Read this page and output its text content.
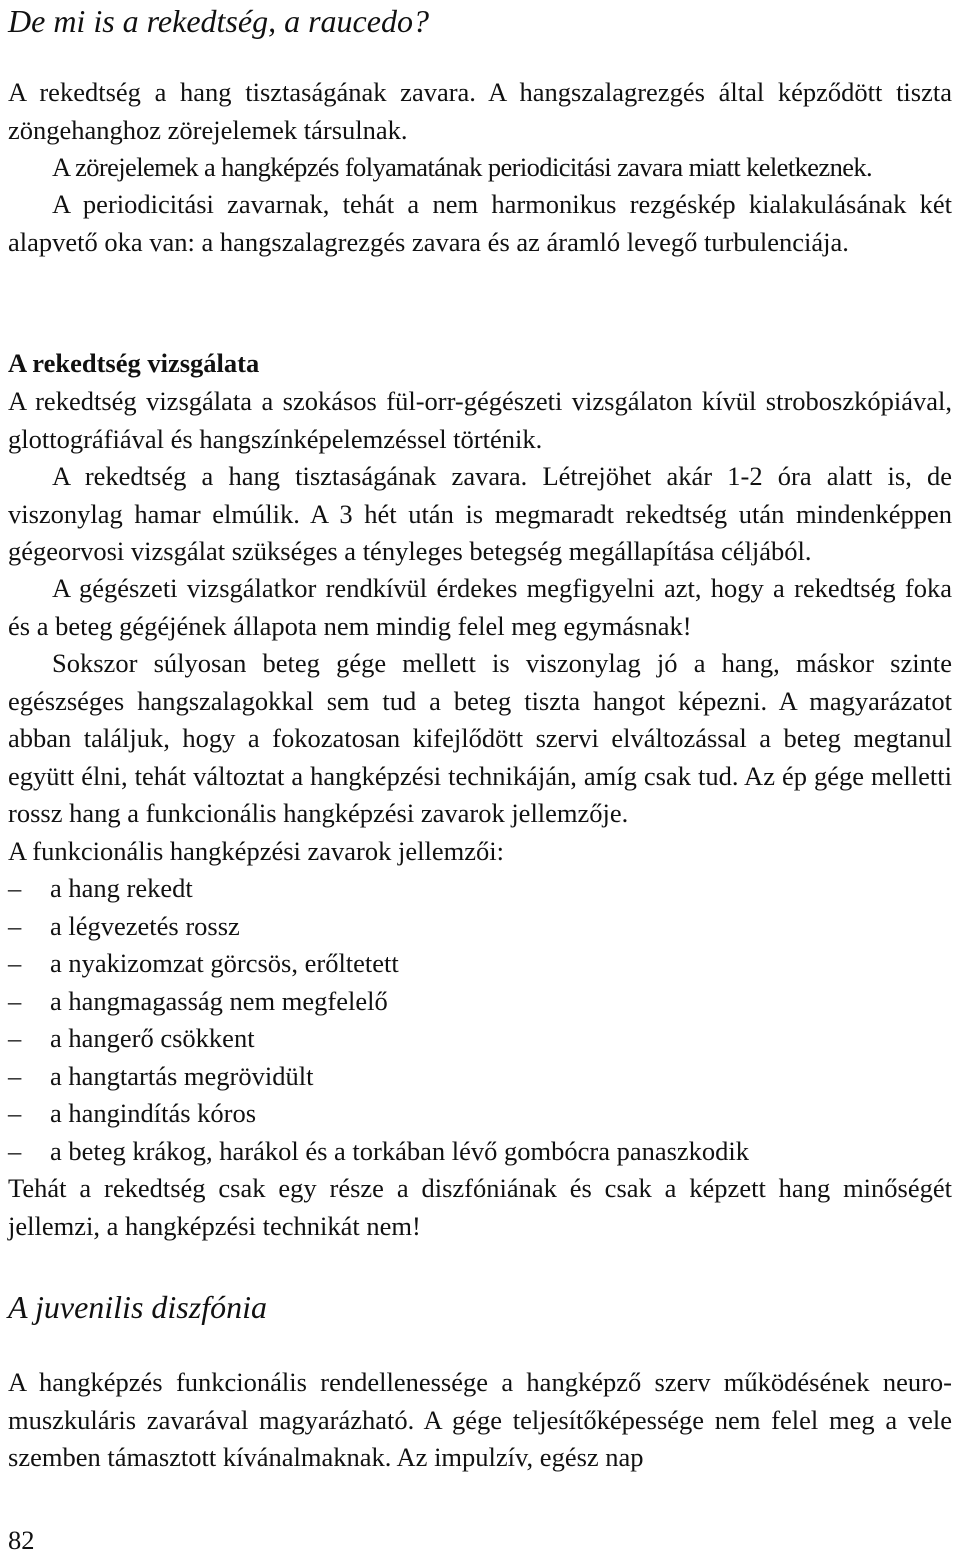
De mi is a rekedtség, a raucedo?

A rekedtség a hang tisztaságának zavara. A hangszalagrezgés által képződött tiszta zöngehanghoz zörejelemek társulnak.

A zörejelemek a hangképzés folyamatának periodicitási zavara miatt keletkeznek.

A periodicitási zavarnak, tehát a nem harmonikus rezgéskép kialakulásának két alapvető oka van: a hangszalagrezgés zavara és az áramló levegő turbulenciája.

A rekedtség vizsgálata

A rekedtség vizsgálata a szokásos fül-orr-gégészeti vizsgálaton kívül stroboszkópiával, glottográfiával és hangszínképelemzéssel történik.

A rekedtség a hang tisztaságának zavara. Létrejöhet akár 1-2 óra alatt is, de viszonylag hamar elmúlik. A 3 hét után is megmaradt rekedtség után mindenképpen gégeorvosi vizsgálat szükséges a tényleges betegség megállapítása céljából.

A gégészeti vizsgálatkor rendkívül érdekes megfigyelni azt, hogy a rekedtség foka és a beteg gégéjének állapota nem mindig felel meg egymásnak!

Sokszor súlyosan beteg gége mellett is viszonylag jó a hang, máskor szinte egészséges hangszalagokkal sem tud a beteg tiszta hangot képezni. A magyarázatot abban találjuk, hogy a fokozatosan kifejlődött szervi elváltozással a beteg megtanul együtt élni, tehát változtat a hangképzési technikáján, amíg csak tud. Az ép gége melletti rossz hang a funkcionális hangképzési zavarok jellemzője.

A funkcionális hangképzési zavarok jellemzői:

– a hang rekedt
– a légvezetés rossz
– a nyakizomzat görcsös, erőltetett
– a hangmagasság nem megfelelő
– a hangerő csökkent
– a hangtartás megrövidült
– a hangindítás kóros
– a beteg krákog, harákol és a torkában lévő gombócra panaszkodik

Tehát a rekedtség csak egy része a diszfóniának és csak a képzett hang minőségét jellemzi, a hangképzési technikát nem!

A juvenilis diszfónia

A hangképzés funkcionális rendellenessége a hangképző szerv működésének neuro-muszkuláris zavarával magyarázható. A gége teljesítőképessége nem felel meg a vele szemben támasztott kívánalmaknak. Az impulzív, egész nap

82
